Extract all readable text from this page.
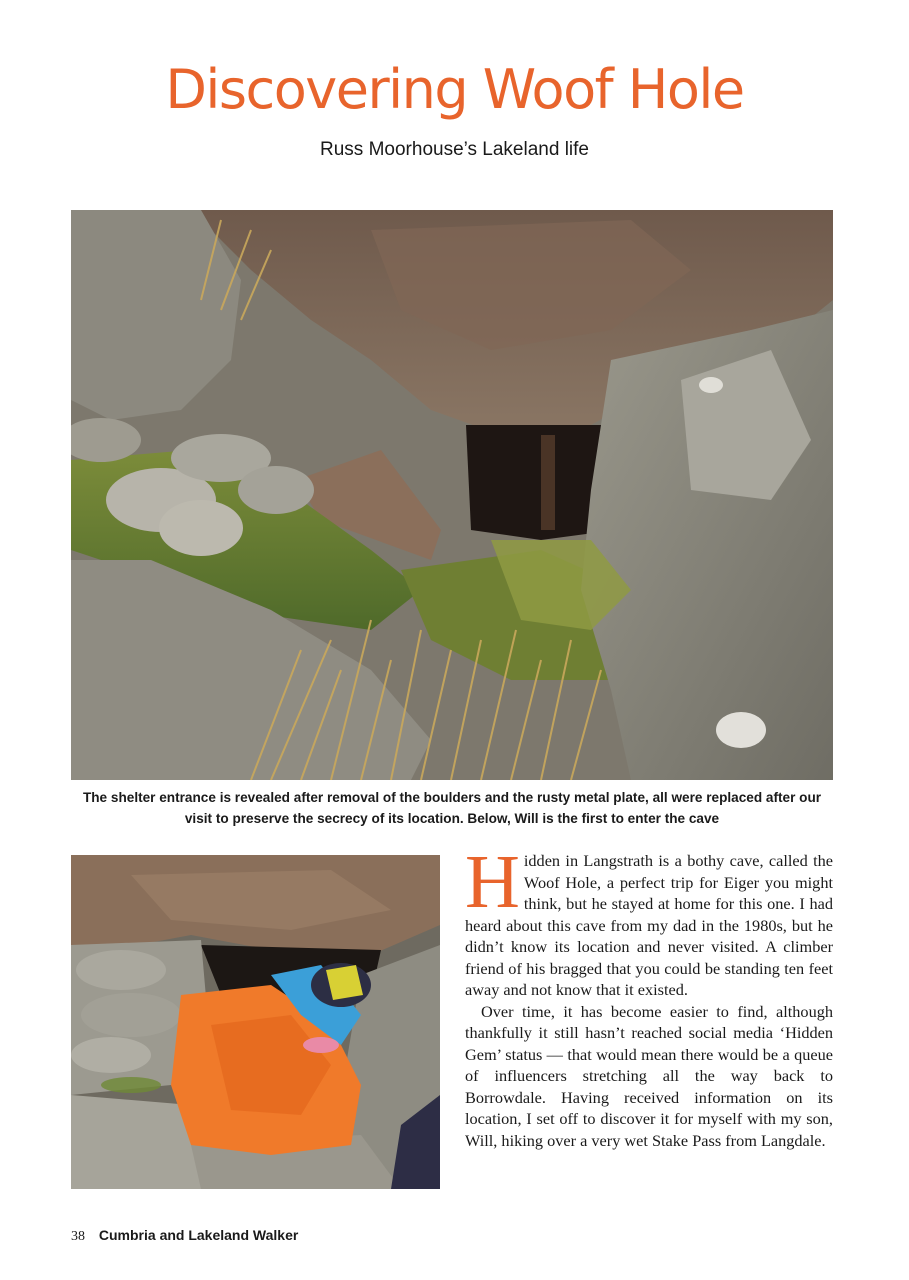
Discovering Woof Hole
Russ Moorhouse’s Lakeland life
The shelter entrance is revealed after removal of the boulders and the rusty metal plate, all were replaced after our visit to preserve the secrecy of its location. Below, Will is the first to enter the cave

Hidden in Langstrath is a bothy cave, called the Woof Hole, a perfect trip for Eiger you might think, but he stayed at home for this one. I had heard about this cave from my dad in the 1980s, but he didn’t know its location and never visited. A climber friend of his bragged that you could be standing ten feet away and not know that it existed.

Over time, it has become easier to find, although thankfully it still hasn’t reached social media ‘Hidden Gem’ status — that would mean there would be a queue of influencers stretching all the way back to Borrowdale. Having received information on its location, I set off to discover it for myself with my son, Will, hiking over a very wet Stake Pass from Langdale.

38 Cumbria and Lakeland Walker
